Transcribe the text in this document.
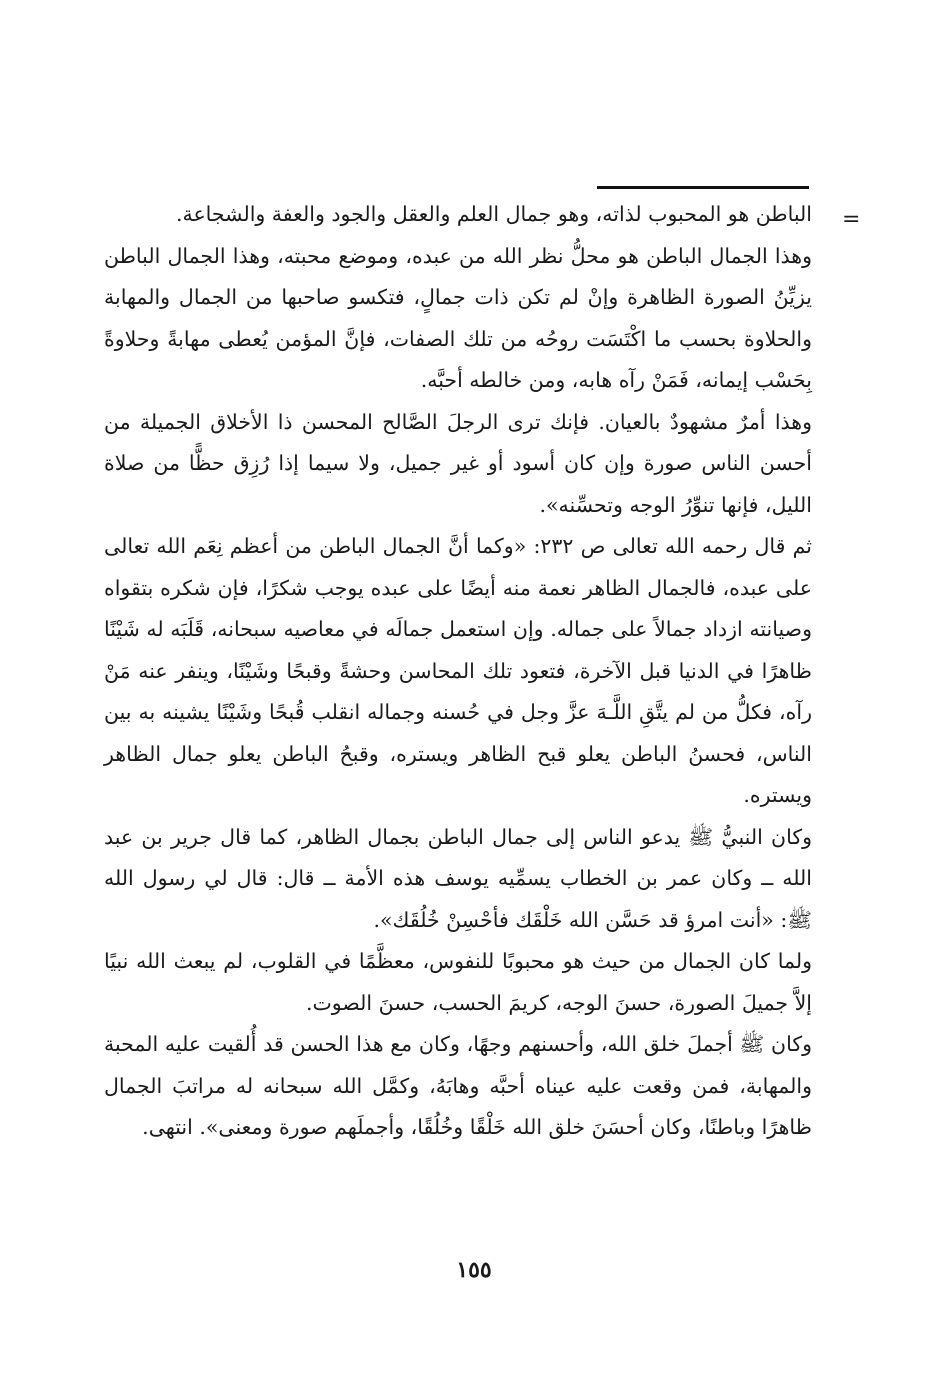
=

الباطن هو المحبوب لذاته، وهو جمال العلم والعقل والجود والعفة والشجاعة.

وهذا الجمال الباطن هو محلُّ نظر الله من عبده، وموضع محبته، وهذا الجمال الباطن يزيِّنُ الصورة الظاهرة وإنْ لم تكن ذات جمالٍ، فتكسو صاحبها من الجمال والمهابة والحلاوة بحسب ما اكْتَسَت روحُه من تلك الصفات، فإنَّ المؤمن يُعطى مهابةً وحلاوةً بِحَسْب إيمانه، فَمَنْ رآه هابه، ومن خالطه أحبَّه.

وهذا أمرٌ مشهودٌ بالعيان. فإنك ترى الرجلَ الصَّالح المحسن ذا الأخلاق الجميلة من أحسن الناس صورة وإن كان أسود أو غير جميل، ولا سيما إذا رُزِق حظًّا من صلاة الليل، فإنها تنوِّرُ الوجه وتحسِّنه».

ثم قال رحمه الله تعالى ص ٢٣٢: «وكما أنَّ الجمال الباطن من أعظم نِعَم الله تعالى على عبده، فالجمال الظاهر نعمة منه أيضًا على عبده يوجب شكرًا، فإن شكره بتقواه وصيانته ازداد جمالاً على جماله. وإن استعمل جمالَه في معاصيه سبحانه، قَلَبَه له شَيْنًا ظاهرًا في الدنيا قبل الآخرة، فتعود تلك المحاسن وحشةً وقبحًا وشَيْنًا، وينفر عنه مَنْ رآه، فكلُّ من لم يتَّقِ اللَّـهَ عزَّ وجل في حُسنه وجماله انقلب قُبحًا وشَيْنًا يشينه به بين الناس، فحسنُ الباطن يعلو قبح الظاهر ويستره، وقبحُ الباطن يعلو جمال الظاهر ويستره.

وكان النبيُّ ﷺ يدعو الناس إلى جمال الباطن بجمال الظاهر، كما قال جرير بن عبد الله ــ وكان عمر بن الخطاب يسمِّيه يوسف هذه الأمة ــ قال: قال لي رسول الله ﷺ: «أنت امرؤ قد حَسَّن الله خَلْقَك فأحْسِنْ خُلُقَك».

ولما كان الجمال من حيث هو محبوبًا للنفوس، معظَّمًا في القلوب، لم يبعث الله نبيًا إلاَّ جميلَ الصورة، حسنَ الوجه، كريمَ الحسب، حسنَ الصوت.

وكان ﷺ أجملَ خلق الله، وأحسنهم وجهًا، وكان مع هذا الحسن قد أُلقيت عليه المحبة والمهابة، فمن وقعت عليه عيناه أحبَّه وهابَهُ، وكمَّل الله سبحانه له مراتبَ الجمال ظاهرًا وباطنًا، وكان أحسَنَ خلق الله خَلْقًا وخُلُقًا، وأجملَهم صورة ومعنى». انتهى.

١٥٥
